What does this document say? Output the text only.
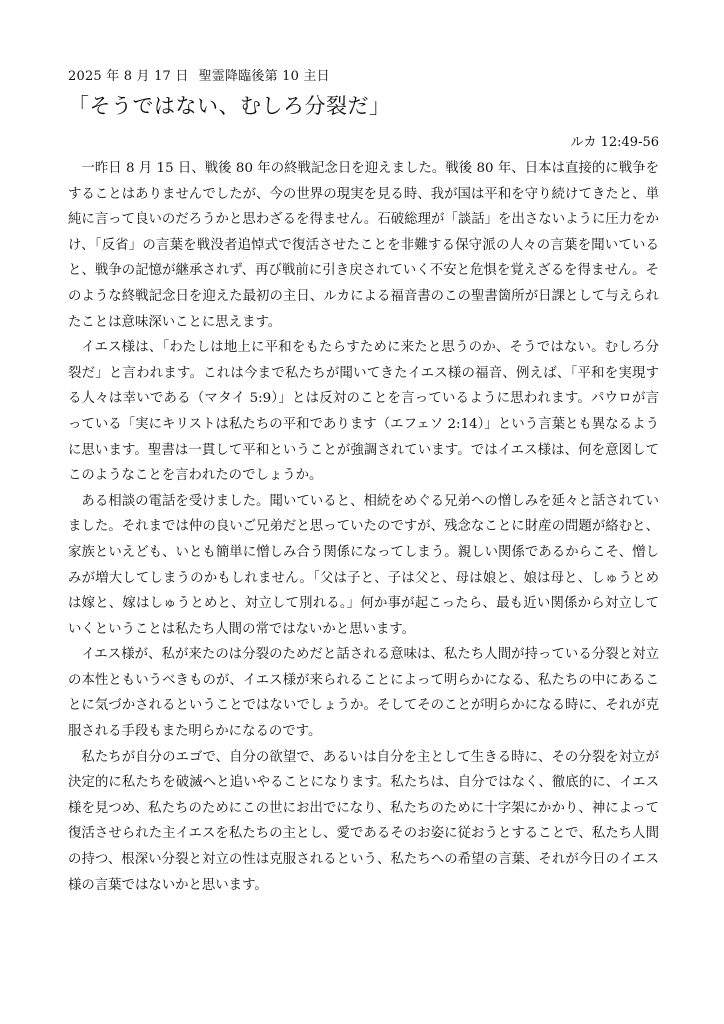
2025 年 8 月 17 日 聖霊降臨後第 10 主日
「そうではない、むしろ分裂だ」
ルカ 12:49-56

一昨日 8 月 15 日、戦後 80 年の終戦記念日を迎えました。戦後 80 年、日本は直接的に戦争をすることはありませんでしたが、今の世界の現実を見る時、我が国は平和を守り続けてきたと、単純に言って良いのだろうかと思わざるを得ません。石破総理が「談話」を出さないように圧力をかけ、「反省」の言葉を戦没者追悼式で復活させたことを非難する保守派の人々の言葉を聞いていると、戦争の記憶が継承されず、再び戦前に引き戻されていく不安と危惧を覚えざるを得ません。そのような終戦記念日を迎えた最初の主日、ルカによる福音書のこの聖書箇所が日課として与えられたことは意味深いことに思えます。

イエス様は、「わたしは地上に平和をもたらすために来たと思うのか、そうではない。むしろ分裂だ」と言われます。これは今まで私たちが聞いてきたイエス様の福音、例えば、「平和を実現する人々は幸いである（マタイ 5:9）」とは反対のことを言っているように思われます。パウロが言っている「実にキリストは私たちの平和であります（エフェソ 2:14）」という言葉とも異なるように思います。聖書は一貫して平和ということが強調されています。ではイエス様は、何を意図してこのようなことを言われたのでしょうか。

ある相談の電話を受けました。聞いていると、相続をめぐる兄弟への憎しみを延々と話されていました。それまでは仲の良いご兄弟だと思っていたのですが、残念なことに財産の問題が絡むと、家族といえども、いとも簡単に憎しみ合う関係になってしまう。親しい関係であるからこそ、憎しみが増大してしまうのかもしれません。「父は子と、子は父と、母は娘と、娘は母と、しゅうとめは嫁と、嫁はしゅうとめと、対立して別れる。」何か事が起こったら、最も近い関係から対立していくということは私たち人間の常ではないかと思います。

イエス様が、私が来たのは分裂のためだと話される意味は、私たち人間が持っている分裂と対立の本性ともいうべきものが、イエス様が来られることによって明らかになる、私たちの中にあることに気づかされるということではないでしょうか。そしてそのことが明らかになる時に、それが克服される手段もまた明らかになるのです。

私たちが自分のエゴで、自分の欲望で、あるいは自分を主として生きる時に、その分裂を対立が決定的に私たちを破滅へと追いやることになります。私たちは、自分ではなく、徹底的に、イエス様を見つめ、私たちのためにこの世にお出でになり、私たちのために十字架にかかり、神によって復活させられた主イエスを私たちの主とし、愛であるそのお姿に従おうとすることで、私たち人間の持つ、根深い分裂と対立の性は克服されるという、私たちへの希望の言葉、それが今日のイエス様の言葉ではないかと思います。
